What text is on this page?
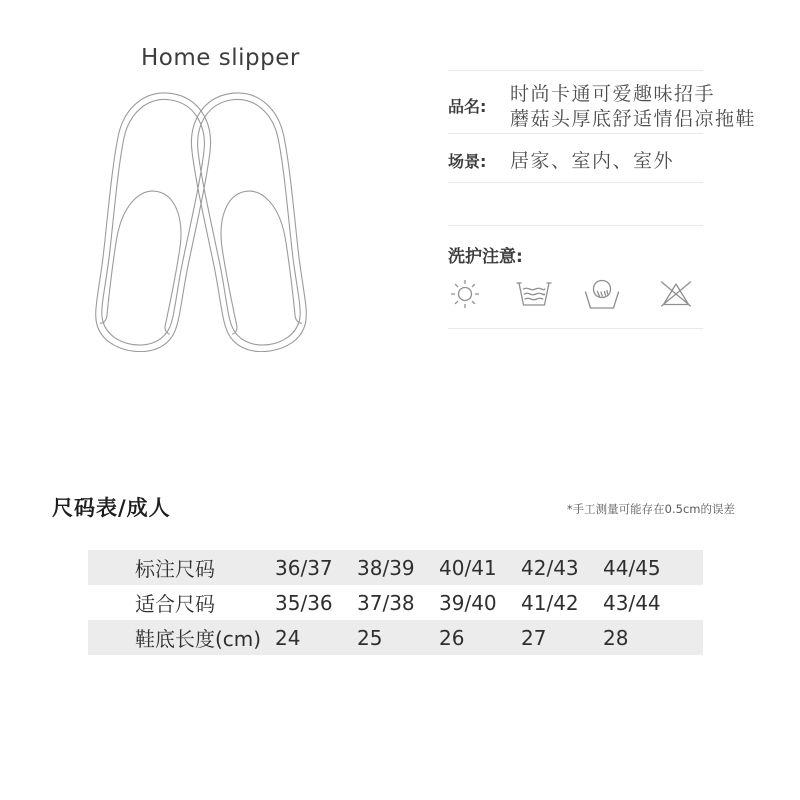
Home slipper
品名:
时尚卡通可爱趣味招手
蘑菇头厚底舒适情侣凉拖鞋
场景: 居家、室内、室外
洗护注意:
尺码表/成人	*手工测量可能存在0.5cm的误差
标注尺码	36/37	38/39	40/41	42/43	44/45
适合尺码	35/36	37/38	39/40	41/42	43/44
鞋底长度(cm) 24	25	26	27	28
